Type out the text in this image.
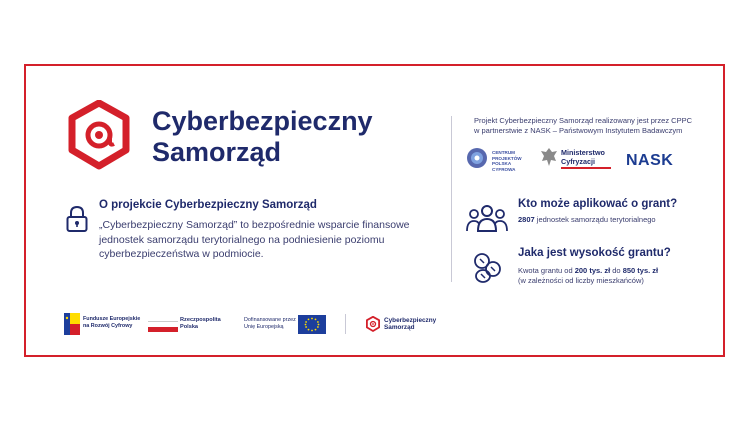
Cyberbezpieczny
Samorząd
Projekt Cyberbezpieczny Samorząd realizowany jest przez CPPC
w partnerstwie z NASK – Państwowym Instytutem Badawczym
CENTRUM
PROJEKTÓW
POLSKA
CYFROWA
Ministerstwo
Cyfryzacji	NASK
O projekcie Cyberbezpieczny Samorząd
„Cyberbezpieczny Samorząd” to bezpośrednie wsparcie finansowe jednostek samorządu terytorialnego na podniesienie poziomu cyberbezpieczeństwa w podmiocie.
Kto może aplikować o grant?
2807 jednostek samorządu terytorialnego
Jaka jest wysokość grantu?
Kwota grantu od 200 tys. zł do 850 tys. zł
(w zależności od liczby mieszkańców)
Fundusze Europejskie
na Rozwój Cyfrowy
Rzeczpospolita
Polska
Dofinansowane przez
Unię Europejską
Cyberbezpieczny
Samorząd
